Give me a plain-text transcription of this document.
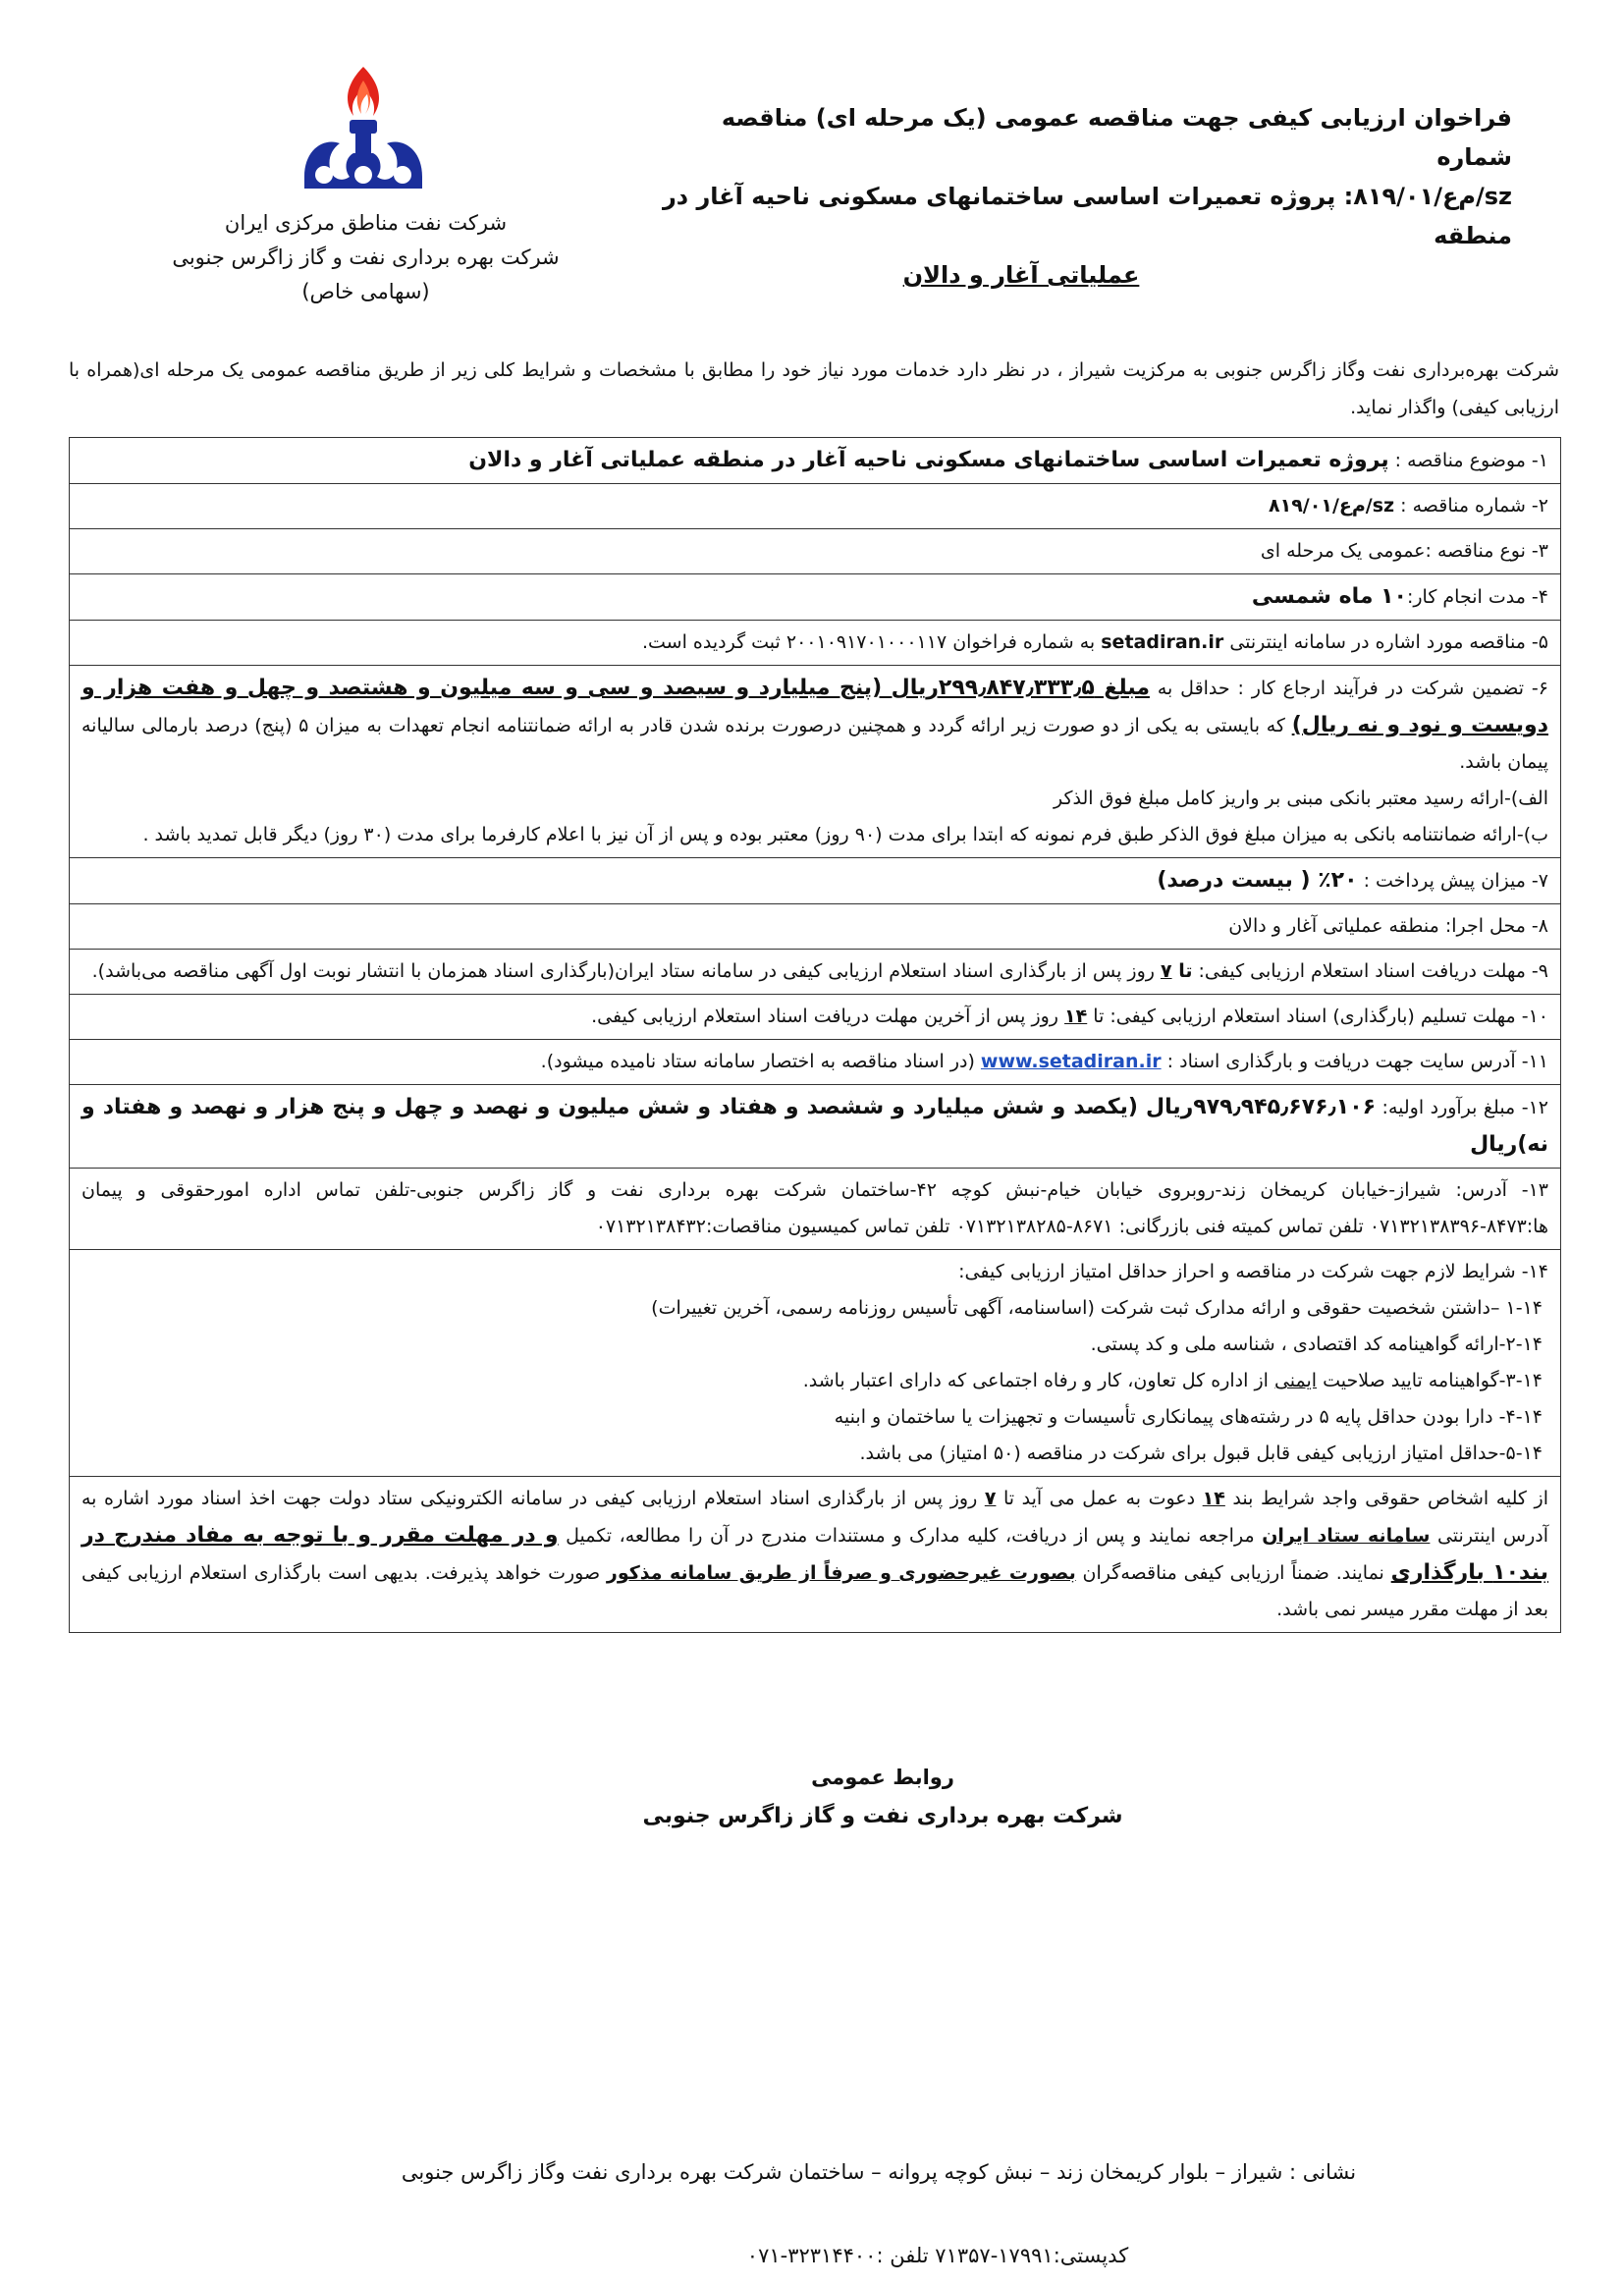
شرکت نفت مناطق مرکزی ایران
شرکت بهره برداری نفت و گاز زاگرس جنوبی
(سهامی خاص)
فراخوان ارزیابی کیفی جهت مناقصه عمومی (یک مرحله ای) مناقصه شماره
م‌ع/۸۱۹/۰۱/sz: پروژه تعمیرات اساسی ساختمانهای مسکونی ناحیه آغار در منطقه
عملیاتی آغار و دالان
شرکت بهره‌برداری نفت وگاز زاگرس جنوبی به مرکزیت شیراز ، در نظر دارد خدمات مورد نیاز خود را مطابق با مشخصات و شرایط کلی زیر از طریق مناقصه عمومی یک مرحله ای(همراه با ارزیابی کیفی) واگذار نماید.
۱- موضوع مناقصه : پروژه تعمیرات اساسی ساختمانهای مسکونی ناحیه آغار در منطقه عملیاتی آغار و دالان
۲- شماره مناقصه : م‌ع/۸۱۹/۰۱/sz
۳- نوع مناقصه :عمومی یک مرحله ای
۴- مدت انجام کار:۱۰ ماه شمسی
۵- مناقصه مورد اشاره در سامانه اینترنتی setadiran.ir به شماره فراخوان ۲۰۰۱۰۹۱۷۰۱۰۰۰۱۱۷ ثبت گردیده است.
۶- تضمین شرکت در فرآیند ارجاع کار : حداقل به مبلغ ۲۹۹٫۸۴۷٫۳۳۳٫۵ریال (پنج میلیارد و سیصد و سی و سه میلیون و هشتصد و چهل و هفت هزار و دویست و نود و نه ریال) که بایستی به یکی از دو صورت زیر ارائه گردد و همچنین درصورت برنده شدن قادر به ارائه ضمانتنامه انجام تعهدات به میزان ۵ (پنج) درصد بارمالی سالیانه پیمان باشد.
الف)-ارائه رسید معتبر بانکی مبنی بر واریز کامل مبلغ فوق الذکر
ب)-ارائه ضمانتنامه بانکی به میزان مبلغ فوق الذکر طبق فرم نمونه که ابتدا برای مدت (۹۰ روز) معتبر بوده و پس از آن نیز با اعلام کارفرما برای مدت (۳۰ روز) دیگر قابل تمدید باشد .
۷- میزان پیش پرداخت : ۲۰٪ ( بیست درصد)
۸- محل اجرا: منطقه عملیاتی آغار و دالان
۹- مهلت دریافت اسناد استعلام ارزیابی کیفی: تا ۷ روز پس از بارگذاری اسناد استعلام ارزیابی کیفی در سامانه ستاد ایران(بارگذاری اسناد همزمان با انتشار نوبت اول آگهی مناقصه می‌باشد).
۱۰- مهلت تسلیم (بارگذاری) اسناد استعلام ارزیابی کیفی: تا ۱۴ روز پس از آخرین مهلت دریافت اسناد استعلام ارزیابی کیفی.
۱۱- آدرس سایت جهت دریافت و بارگذاری اسناد : www.setadiran.ir (در اسناد مناقصه به اختصار سامانه ستاد نامیده میشود).
۱۲- مبلغ برآورد اولیه: ۹۷۹٫۹۴۵٫۶۷۶٫۱۰۶ریال (یکصد و شش میلیارد و ششصد و هفتاد و شش میلیون و نهصد و چهل و پنج هزار و نهصد و هفتاد و نه)ریال
۱۳- آدرس: شیراز-خیابان کریمخان زند-روبروی خیابان خیام-نبش کوچه ۴۲-ساختمان شرکت بهره برداری نفت و گاز زاگرس جنوبی-تلفن تماس اداره امورحقوقی و پیمان ها:۸۴۷۳-۰۷۱۳۲۱۳۸۳۹۶ تلفن تماس کمیته فنی بازرگانی: ۸۶۷۱-۰۷۱۳۲۱۳۸۲۸۵ تلفن تماس کمیسیون مناقصات:۰۷۱۳۲۱۳۸۴۳۲
۱۴- شرایط لازم جهت شرکت در مناقصه و احراز حداقل امتیاز ارزیابی کیفی:
۱-۱۴ –داشتن شخصیت حقوقی و ارائه مدارک ثبت شرکت (اساسنامه، آگهی تأسیس روزنامه رسمی، آخرین تغییرات)
۲-۱۴-ارائه گواهینامه کد اقتصادی ، شناسه ملی و کد پستی.
۳-۱۴-گواهینامه تایید صلاحیت ایمنی از اداره کل تعاون، کار و رفاه اجتماعی که دارای اعتبار باشد.
۴-۱۴- دارا بودن حداقل پایه ۵ در رشته‌های پیمانکاری تأسیسات و تجهیزات یا ساختمان و ابنیه
۵-۱۴-حداقل امتیاز ارزیابی کیفی قابل قبول برای شرکت در مناقصه (۵۰ امتیاز) می باشد.
از کلیه اشخاص حقوقی واجد شرایط بند ۱۴ دعوت به عمل می آید تا ۷ روز پس از بارگذاری اسناد استعلام ارزیابی کیفی در سامانه الکترونیکی ستاد دولت جهت اخذ اسناد مورد اشاره به آدرس اینترنتی سامانه ستاد ایران مراجعه نمایند و پس از دریافت، کلیه مدارک و مستندات مندرج در آن را مطالعه، تکمیل و در مهلت مقرر و با توجه به مفاد مندرج در بند۱۰ بارگذاری نمایند. ضمناً ارزیابی کیفی مناقصه‌گران بصورت غیرحضوری و صرفاً از طریق سامانه مذکور صورت خواهد پذیرفت. بدیهی است بارگذاری استعلام ارزیابی کیفی بعد از مهلت مقرر میسر نمی باشد.
روابط عمومی
شرکت بهره برداری نفت و گاز زاگرس جنوبی
نشانی : شیراز – بلوار کریمخان زند – نبش کوچه پروانه – ساختمان شرکت بهره برداری نفت وگاز زاگرس جنوبی
کدپستی:۱۷۹۹۱-۷۱۳۵۷ تلفن :۳۲۳۱۴۴۰۰-۰۷۱
